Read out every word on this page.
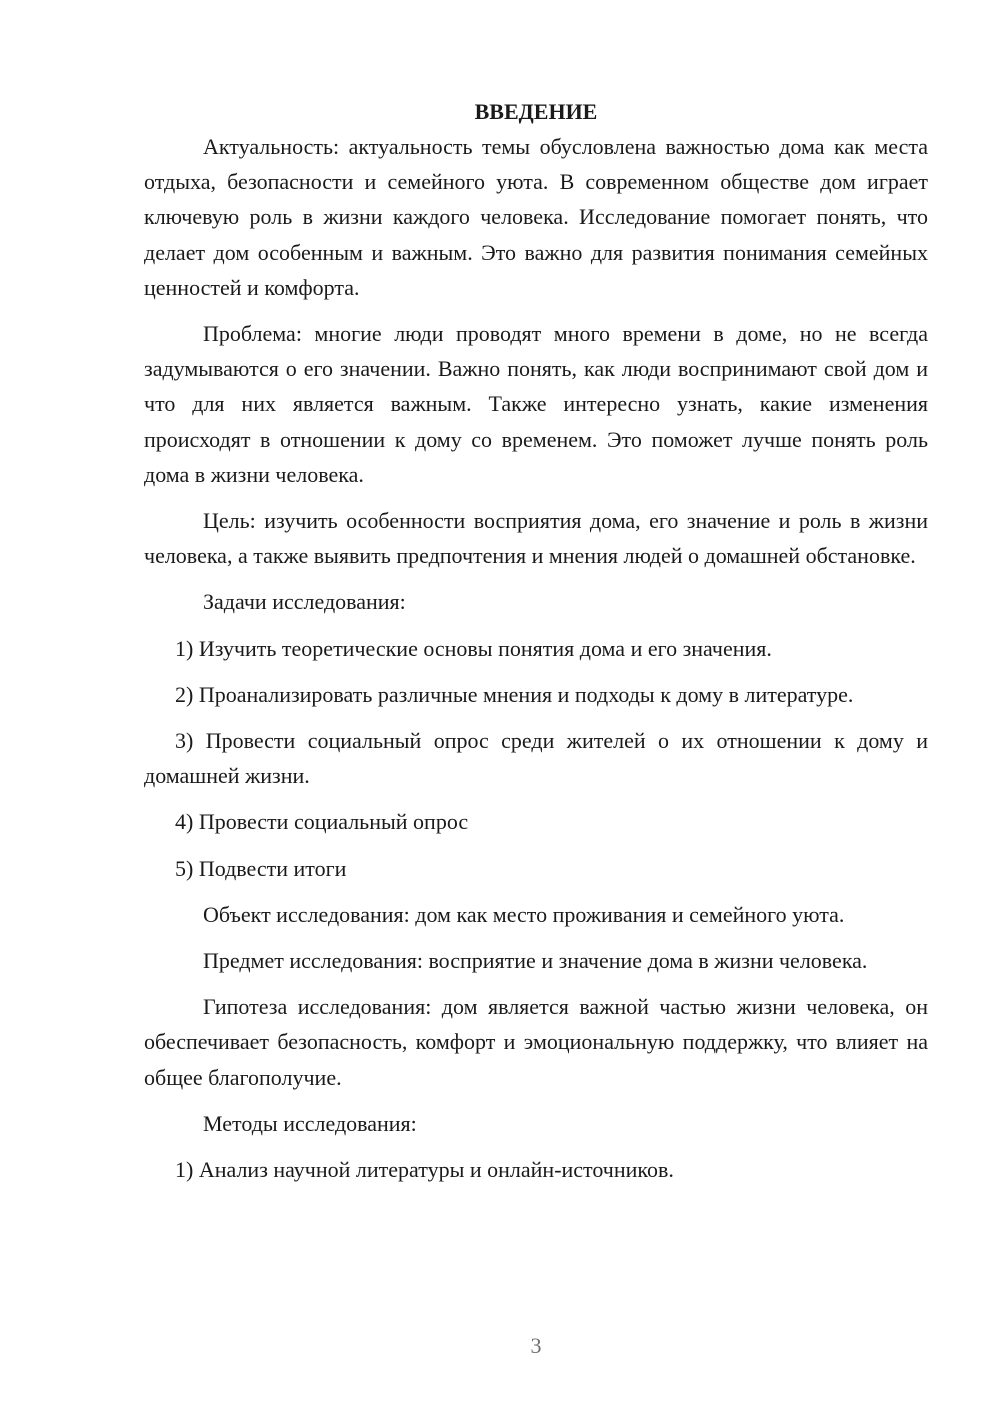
ВВЕДЕНИЕ

Актуальность: актуальность темы обусловлена важностью дома как места отдыха, безопасности и семейного уюта. В современном обществе дом играет ключевую роль в жизни каждого человека. Исследование помогает понять, что делает дом особенным и важным. Это важно для развития понимания семейных ценностей и комфорта.

Проблема: многие люди проводят много времени в доме, но не всегда задумываются о его значении. Важно понять, как люди воспринимают свой дом и что для них является важным. Также интересно узнать, какие изменения происходят в отношении к дому со временем. Это поможет лучше понять роль дома в жизни человека.

Цель: изучить особенности восприятия дома, его значение и роль в жизни человека, а также выявить предпочтения и мнения людей о домашней обстановке.

Задачи исследования:

1) Изучить теоретические основы понятия дома и его значения.

2) Проанализировать различные мнения и подходы к дому в литературе.

3) Провести социальный опрос среди жителей о их отношении к дому и домашней жизни.

4) Провести социальный опрос

5) Подвести итоги

Объект исследования: дом как место проживания и семейного уюта.

Предмет исследования: восприятие и значение дома в жизни человека.

Гипотеза исследования: дом является важной частью жизни человека, он обеспечивает безопасность, комфорт и эмоциональную поддержку, что влияет на общее благополучие.

Методы исследования:

1) Анализ научной литературы и онлайн-источников.

3
